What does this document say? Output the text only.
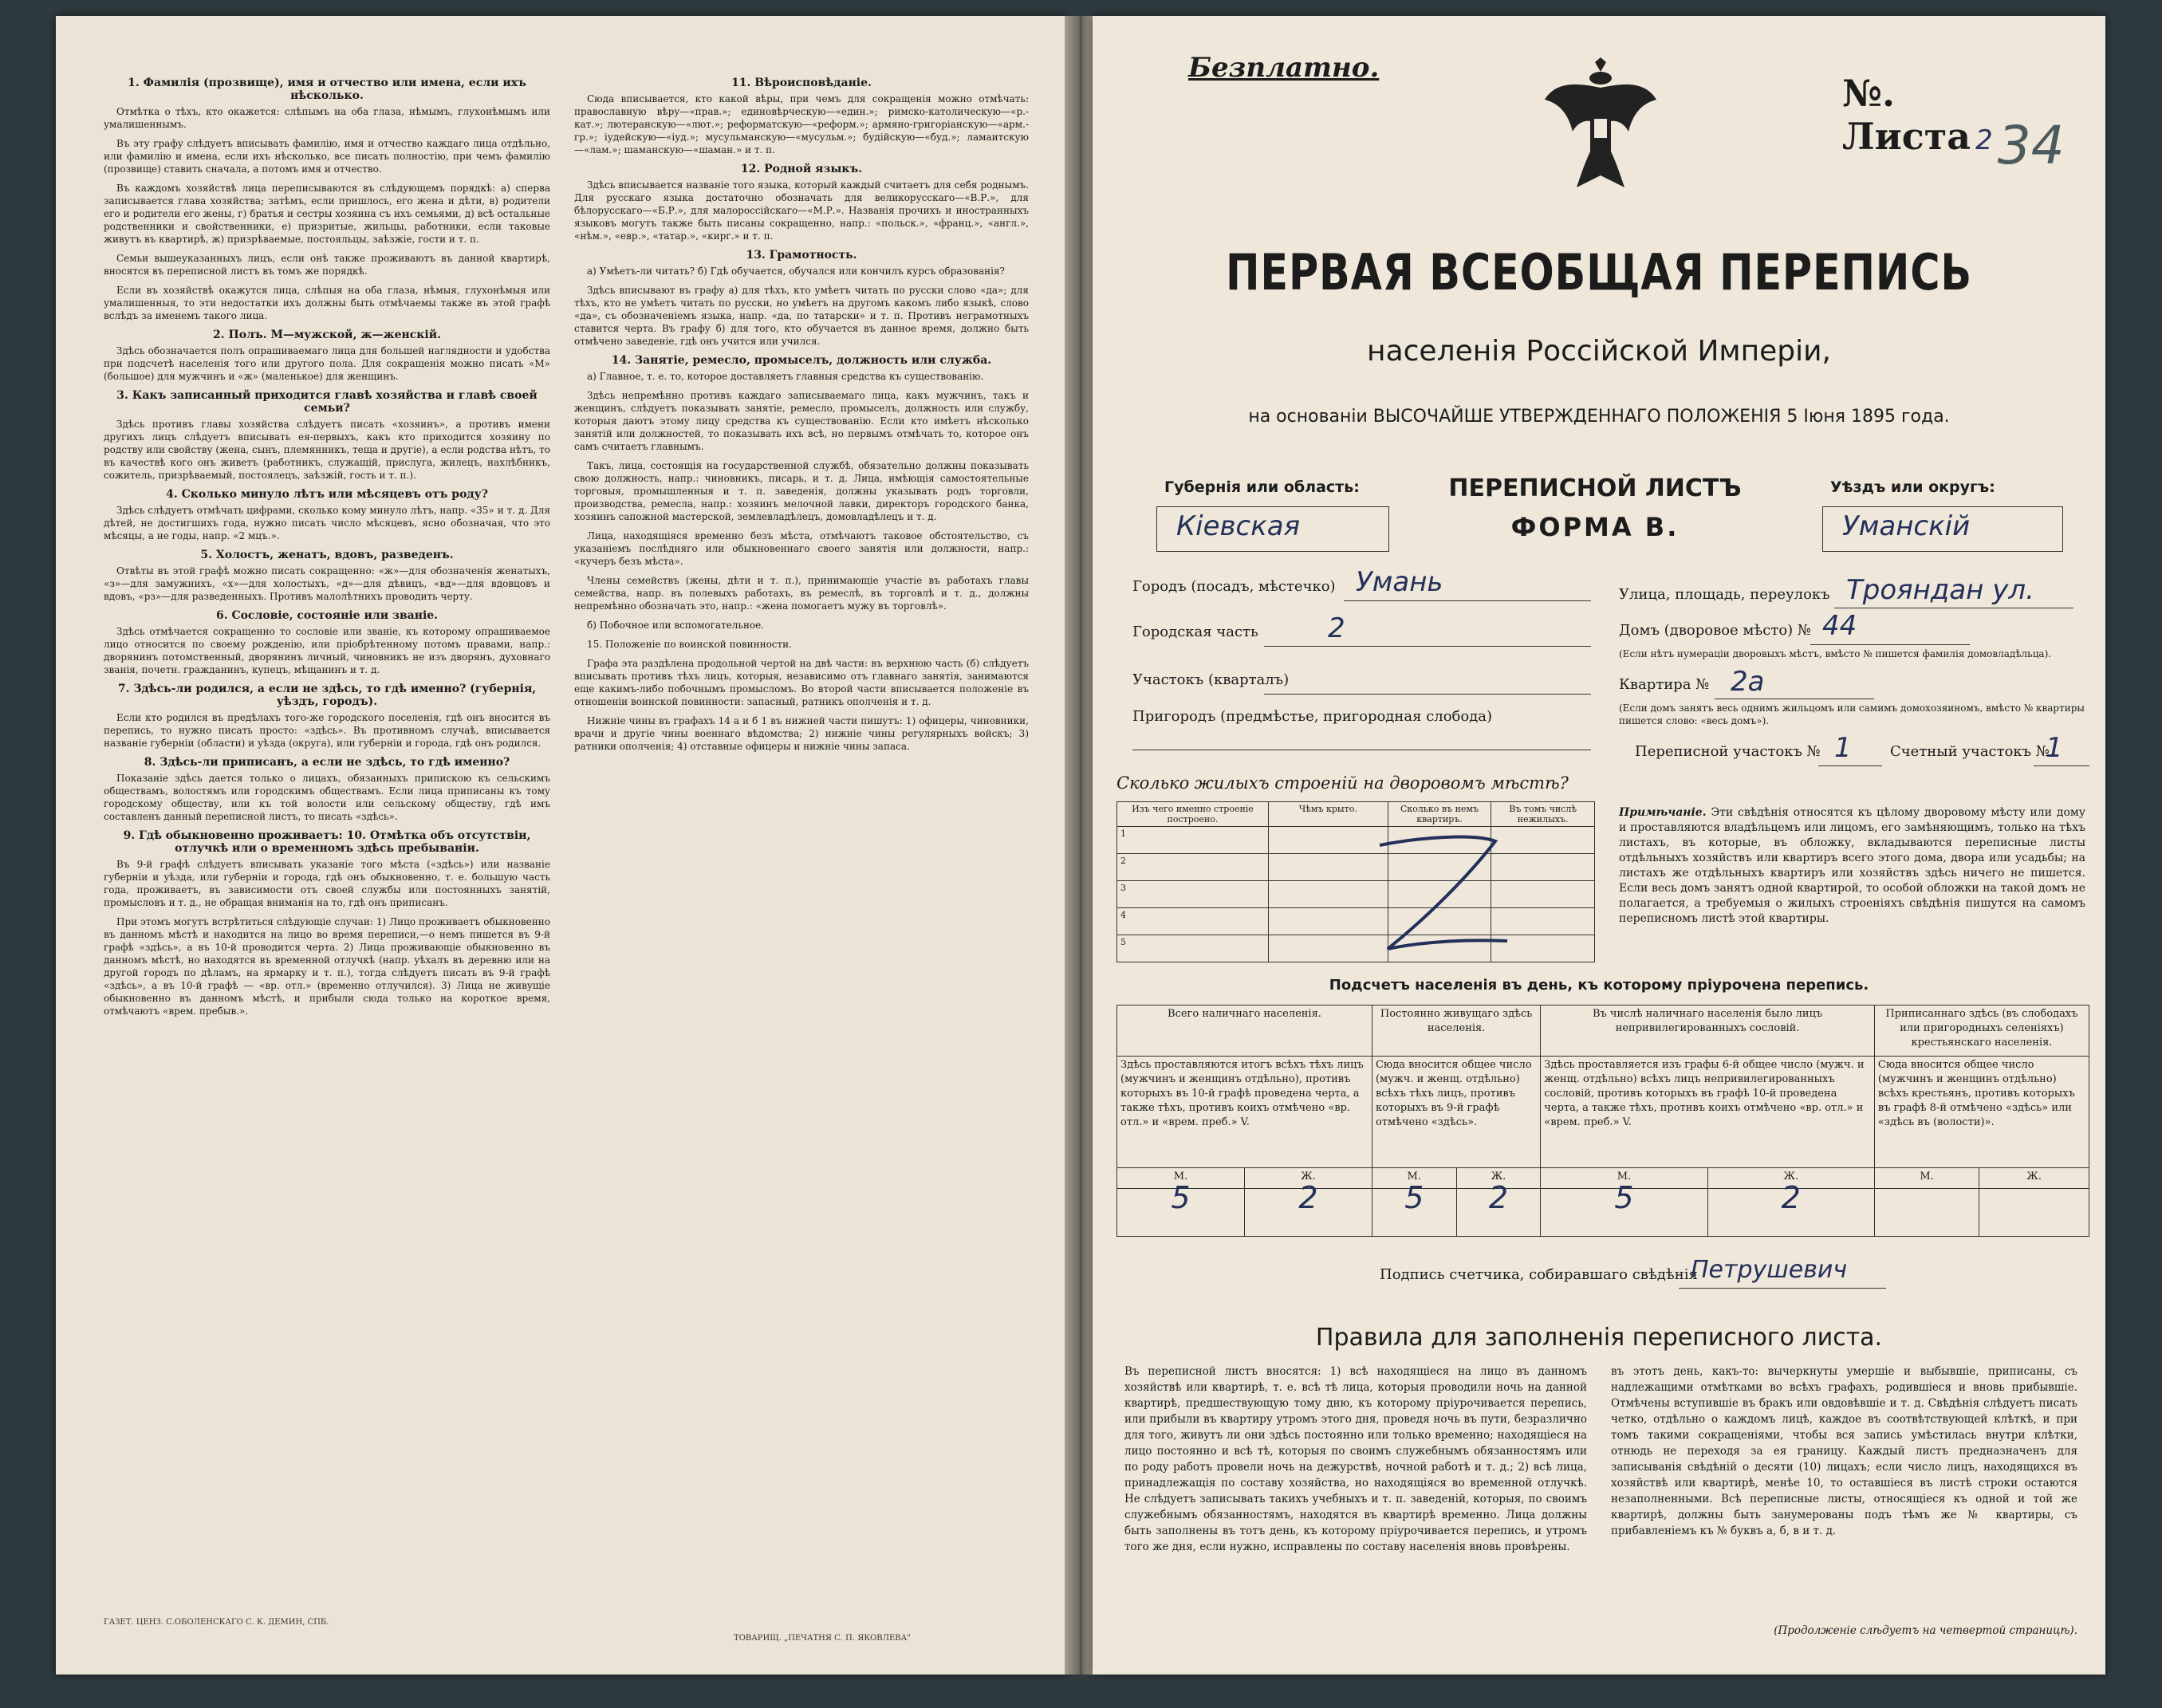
1. Фамилія (прозвище), имя и отчество или имена, если ихъ нѣсколько.

Отмѣтка о тѣхъ, кто окажется: слѣпымъ на оба глаза, нѣмымъ, глухонѣмымъ или умалишеннымъ.

Въ эту графу слѣдуетъ вписывать фамилію, имя и отчество каждаго лица отдѣльно, или фамилію и имена, если ихъ нѣсколько, все писать полностію, при чемъ фамилію (прозвище) ставить сначала, а потомъ имя и отчество.

Въ каждомъ хозяйствѣ лица переписываются въ слѣдующемъ порядкѣ: а) сперва записывается глава хозяйства; затѣмъ, если пришлось, его жена и дѣти, в) родители его и родители его жены, г) братья и сестры хозяина съ ихъ семьями, д) всѣ остальные родственники и свойственники, е) призритые, жильцы, работники, если таковые живутъ въ квартирѣ, ж) призрѣваемые, постояльцы, заѣзжіе, гости и т. п.

Семьи вышеуказанныхъ лицъ, если онѣ также проживаютъ въ данной квартирѣ, вносятся въ переписной листъ въ томъ же порядкѣ.

Если въ хозяйствѣ окажутся лица, слѣпыя на оба глаза, нѣмыя, глухонѣмыя или умалишенныя, то эти недостатки ихъ должны быть отмѣчаемы также въ этой графѣ вслѣдъ за именемъ такого лица.

2. Полъ. М—мужской, ж—женскій.

Здѣсь обозначается полъ опрашиваемаго лица для большей наглядности и удобства при подсчетѣ населенія того или другого пола. Для сокращенія можно писать «М» (большое) для мужчинъ и «ж» (маленькое) для женщинъ.

3. Какъ записанный приходится главѣ хозяйства и главѣ своей семьи?

Здѣсь противъ главы хозяйства слѣдуетъ писать «хозяинъ», а противъ имени другихъ лицъ слѣдуетъ вписывать ея-первыхъ, какъ кто приходится хозяину по родству или свойству (жена, сынъ, племянникъ, теща и другіе), а если родства нѣтъ, то въ качествѣ кого онъ живетъ (работникъ, служащій, прислуга, жилецъ, нахлѣбникъ, сожитель, призрѣваемый, постоялецъ, заѣзжій, гость и т. п.).

4. Сколько минуло лѣтъ или мѣсяцевъ отъ роду?

Здѣсь слѣдуетъ отмѣчать цифрами, сколько кому минуло лѣтъ, напр. «35» и т. д. Для дѣтей, не достигшихъ года, нужно писать число мѣсяцевъ, ясно обозначая, что это мѣсяцы, а не годы, напр. «2 мцъ.».

5. Холостъ, женатъ, вдовъ, разведенъ.

Отвѣты въ этой графѣ можно писать сокращенно: «ж»—для обозначенія женатыхъ, «з»—для замужнихъ, «х»—для холостыхъ, «д»—для дѣвицъ, «вд»—для вдовцовъ и вдовъ, «рз»—для разведенныхъ. Противъ малолѣтнихъ проводить черту.

6. Сословіе, состояніе или званіе.

Здѣсь отмѣчается сокращенно то сословіе или званіе, къ которому опрашиваемое лицо относится по своему рожденію, или пріобрѣтенному потомъ правами, напр.: дворянинъ потомственный, дворянинъ личный, чиновникъ не изъ дворянъ, духовнаго званія, почетн. гражданинъ, купецъ, мѣщанинъ и т. д.

7. Здѣсь-ли родился, а если не здѣсь, то гдѣ именно? (губернія, уѣздъ, городъ).

Если кто родился въ предѣлахъ того-же городского поселенія, гдѣ онъ вносится въ перепись, то нужно писать просто: «здѣсь». Въ противномъ случаѣ, вписывается названіе губерніи (области) и уѣзда (округа), или губерніи и города, гдѣ онъ родился.

8. Здѣсь-ли приписанъ, а если не здѣсь, то гдѣ именно?

Показаніе здѣсь дается только о лицахъ, обязанныхъ припискою къ сельскимъ обществамъ, волостямъ или городскимъ обществамъ. Если лица приписаны къ тому городскому обществу, или къ той волости или сельскому обществу, гдѣ имъ составленъ данный переписной листъ, то писать «здѣсь».

9. Гдѣ обыкновенно проживаетъ: 10. Отмѣтка объ отсутствіи, отлучкѣ или о временномъ здѣсь пребываніи.

Въ 9-й графѣ слѣдуетъ вписывать указаніе того мѣста («здѣсь») или названіе губерніи и уѣзда, или губерніи и города, гдѣ онъ обыкновенно, т. е. большую часть года, проживаетъ, въ зависимости отъ своей службы или постоянныхъ занятій, промысловъ и т. д., не обращая вниманія на то, гдѣ онъ приписанъ.

При этомъ могутъ встрѣтиться слѣдующіе случаи: 1) Лицо проживаетъ обыкновенно въ данномъ мѣстѣ и находится на лицо во время переписи,—о немъ пишется въ 9-й графѣ «здѣсь», а въ 10-й проводится черта. 2) Лица проживающіе обыкновенно въ данномъ мѣстѣ, но находятся въ временной отлучкѣ (напр. уѣхалъ въ деревню или на другой городъ по дѣламъ, на ярмарку и т. п.), тогда слѣдуетъ писать въ 9-й графѣ «здѣсь», а въ 10-й графѣ — «вр. отл.» (временно отлучился). 3) Лица не живущіе обыкновенно въ данномъ мѣстѣ, и прибыли сюда только на короткое время, отмѣчаютъ «врем. пребыв.».

11. Вѣроисповѣданіе.

Сюда вписывается, кто какой вѣры, при чемъ для сокращенія можно отмѣчать: православную вѣру—«прав.»; единовѣрческую—«един.»; римско-католическую—«р.-кат.»; лютеранскую—«лют.»; реформатскую—«реформ.»; армяно-григоріанскую—«арм.-гр.»; іудейскую—«іуд.»; мусульманскую—«мусульм.»; будійскую—«буд.»; ламаитскую—«лам.»; шаманскую—«шаман.» и т. п.

12. Родной языкъ.

Здѣсь вписывается названіе того языка, который каждый считаетъ для себя роднымъ. Для русскаго языка достаточно обозначать для великорусскаго—«В.Р.», для бѣлорусскаго—«Б.Р.», для малороссійскаго—«М.Р.». Названія прочихъ и иностранныхъ языковъ могутъ также быть писаны сокращенно, напр.: «польск.», «франц.», «англ.», «нѣм.», «евр.», «татар.», «кирг.» и т. п.

13. Грамотность.

а) Умѣетъ-ли читать? б) Гдѣ обучается, обучался или кончилъ курсъ образованія?

Здѣсь вписывают въ графу а) для тѣхъ, кто умѣетъ читать по русски слово «да»; для тѣхъ, кто не умѣетъ читать по русски, но умѣетъ на другомъ какомъ либо языкѣ, слово «да», съ обозначеніемъ языка, напр. «да, по татарски» и т. п. Противъ неграмотныхъ ставится черта. Въ графу б) для того, кто обучается въ данное время, должно быть отмѣчено заведеніе, гдѣ онъ учится или учился.

14. Занятіе, ремесло, промыселъ, должность или служба.

а) Главное, т. е. то, которое доставляетъ главныя средства къ существованію.

Здѣсь непремѣнно противъ каждаго записываемаго лица, какъ мужчинъ, такъ и женщинъ, слѣдуетъ показывать занятіе, ремесло, промыселъ, должность или службу, которыя даютъ этому лицу средства къ существованію. Если кто имѣетъ нѣсколько занятій или должностей, то показывать ихъ всѣ, но первымъ отмѣчать то, которое онъ самъ считаетъ главнымъ.

Такъ, лица, состоящія на государственной службѣ, обязательно должны показывать свою должность, напр.: чиновникъ, писарь, и т. д. Лица, имѣющія самостоятельные торговыя, промышленныя и т. п. заведенія, должны указывать родъ торговли, производства, ремесла, напр.: хозяинъ мелочной лавки, директоръ городского банка, хозяинъ сапожной мастерской, землевладѣлецъ, домовладѣлецъ и т. д.

Лица, находящіяся временно безъ мѣста, отмѣчаютъ таковое обстоятельство, съ указаніемъ послѣдняго или обыкновеннаго своего занятія или должности, напр.: «кучеръ безъ мѣста».

Члены семействъ (жены, дѣти и т. п.), принимающіе участіе въ работахъ главы семейства, напр. въ полевыхъ работахъ, въ ремеслѣ, въ торговлѣ и т. д., должны непремѣнно обозначать это, напр.: «жена помогаетъ мужу въ торговлѣ».

б) Побочное или вспомогательное.

15. Положеніе по воинской повинности.

Графа эта раздѣлена продольной чертой на двѣ части: въ верхнюю часть (б) слѣдуетъ вписывать противъ тѣхъ лицъ, которыя, независимо отъ главнаго занятія, занимаются еще какимъ-либо побочнымъ промысломъ. Во второй части вписывается положеніе въ отношеніи воинской повинности: запасный, ратникъ ополченія и т. д.

Нижніе чины въ графахъ 14 а и б 1 въ нижней части пишутъ: 1) офицеры, чиновники, врачи и другіе чины военнаго вѣдомства; 2) нижніе чины регулярныхъ войскъ; 3) ратники ополченія; 4) отставные офицеры и нижніе чины запаса.

ГАЗЕТ. ЦЕНЗ. С.ОБОЛЕНСКАГО С. К. ДЕМИН, СПБ.
ТОВАРИЩ. „ПЕЧАТНЯ С. П. ЯКОВЛЕВА"
Безплатно.
№. Листа 234
ПЕРВАЯ ВСЕОБЩАЯ ПЕРЕПИСЬ
населенія Россійской Имперіи,
на основаніи ВЫСОЧАЙШЕ УТВЕРЖДЕННАГО ПОЛОЖЕНІЯ 5 Іюня 1895 года.
Губернія или область:
Кіевская
ПЕРЕПИСНОЙ ЛИСТЪ
ФОРМА В.
Уѣздъ или округъ:
Уманскій
Городъ (посадъ, мѣстечко) Умань
Городская часть	2
Участокъ (кварталъ)
Пригородъ (предмѣстье, пригородная слобода)
Улица, площадь, переулокъ Трояндан ул.
Домъ (дворовое мѣсто) № 44
(Если нѣтъ нумераціи дворовыхъ мѣстъ, вмѣсто № пишется фамилія домовладѣльца).
Квартира № 2а
(Если домъ занятъ весь однимъ жильцомъ или самимъ домохозяиномъ, вмѣсто № квартиры пишется слово: «весь домъ»).
Переписной участокъ № 1	Счетный участокъ №
1
Сколько жилыхъ строеній на дворовомъ мѣстѣ?
Изъ чего именно строеніе построено.	Чѣмъ крыто.	Сколько въ немъ квартиръ.	Въ томъ числѣ нежилыхъ.
1			
2			
3			
4			
5			
Примѣчаніе. Эти свѣдѣнія относятся къ цѣлому дворовому мѣсту или дому и проставляются владѣльцемъ или лицомъ, его замѣняющимъ, только на тѣхъ листахъ, въ которые, въ обложку, вкладываются переписные листы отдѣльныхъ хозяйствъ или квартиръ всего этого дома, двора или усадьбы; на листахъ же отдѣльныхъ квартиръ или хозяйствъ здѣсь ничего не пишется. Если весь домъ занятъ одной квартирой, то особой обложки на такой домъ не полагается, а требуемыя о жилыхъ строеніяхъ свѣдѣнія пишутся на самомъ переписномъ листѣ этой квартиры.
Подсчетъ населенія въ день, къ которому пріурочена перепись.
Всего наличнаго населенія.		Постоянно живущаго здѣсь населенія.		Въ числѣ наличнаго населенія было лицъ непривилегированныхъ сословій.		Приписаннаго здѣсь (въ слободахъ или пригородныхъ селеніяхъ) крестьянскаго населенія.	
Здѣсь проставляются итогъ всѣхъ тѣхъ лицъ (мужчинъ и женщинъ отдѣльно), противъ которыхъ въ 10-й графѣ проведена черта, а также тѣхъ, противъ коихъ отмѣчено «вр. отл.» и «врем. преб.» V.		Сюда вносится общее число (мужч. и женщ. отдѣльно) всѣхъ тѣхъ лицъ, противъ которыхъ въ 9-й графѣ отмѣчено «здѣсь».		Здѣсь проставляется изъ графы 6-й общее число (мужч. и женщ. отдѣльно) всѣхъ лицъ непривилегированныхъ сословій, противъ которыхъ въ графѣ 10-й проведена черта, а также тѣхъ, противъ коихъ отмѣчено «вр. отл.» и «врем. преб.» V.		Сюда вносится общее число (мужчинъ и женщинъ отдѣльно) всѣхъ крестьянъ, противъ которыхъ въ графѣ 8-й отмѣчено «здѣсь» или «здѣсь въ (волости)».	
М.	Ж.	М.	Ж.	М.	Ж.	М.	Ж.
5	2	5	2	5	2		
Подпись счетчика, собиравшаго свѣдѣнія
Петрушевич
Правила для заполненія переписного листа.
Въ переписной листъ вносятся: 1) всѣ находящіеся на лицо въ данномъ хозяйствѣ или квартирѣ, т. е. всѣ тѣ лица, которыя проводили ночь на данной квартирѣ, предшествующую тому дню, къ которому пріурочивается перепись, или прибыли въ квартиру утромъ этого дня, проведя ночь въ пути, безразлично для того, живутъ ли они здѣсь постоянно или только временно; находящіеся на лицо постоянно и всѣ тѣ, которыя по своимъ служебнымъ обязанностямъ или по роду работъ провели ночь на дежурствѣ, ночной работѣ и т. д.; 2) всѣ лица, принадлежащія по составу хозяйства, но находящіяся во временной отлучкѣ. Не слѣдуетъ записывать такихъ учебныхъ и т. п. заведеній, которыя, по своимъ служебнымъ обязанностямъ, находятся въ квартирѣ временно. Лица должны быть заполнены въ тотъ день, къ которому пріурочивается перепись, и утромъ того же дня, если нужно, исправлены по составу населенія вновь провѣрены.
въ этотъ день, какъ-то: вычеркнуты умершіе и выбывшіе, приписаны, съ надлежащими отмѣтками во всѣхъ графахъ, родившіеся и вновь прибывшіе. Отмѣчены вступившіе въ бракъ или овдовѣвшіе и т. д. Свѣдѣнія слѣдуетъ писать четко, отдѣльно о каждомъ лицѣ, каждое въ соотвѣтствующей клѣткѣ, и при томъ такими сокращеніями, чтобы вся запись умѣстилась внутри клѣтки, отнюдь не переходя за ея границу. Каждый листъ предназначенъ для записыванія свѣдѣній о десяти (10) лицахъ; если число лицъ, находящихся въ хозяйствѣ или квартирѣ, менѣе 10, то оставшіеся въ листѣ строки остаются незаполненными. Всѣ переписные листы, относящіеся къ одной и той же квартирѣ, должны быть занумерованы подъ тѣмъ же № квартиры, съ прибавленіемъ къ № буквъ а, б, в и т. д.
(Продолженіе слѣдуетъ на четвертой страницѣ).
